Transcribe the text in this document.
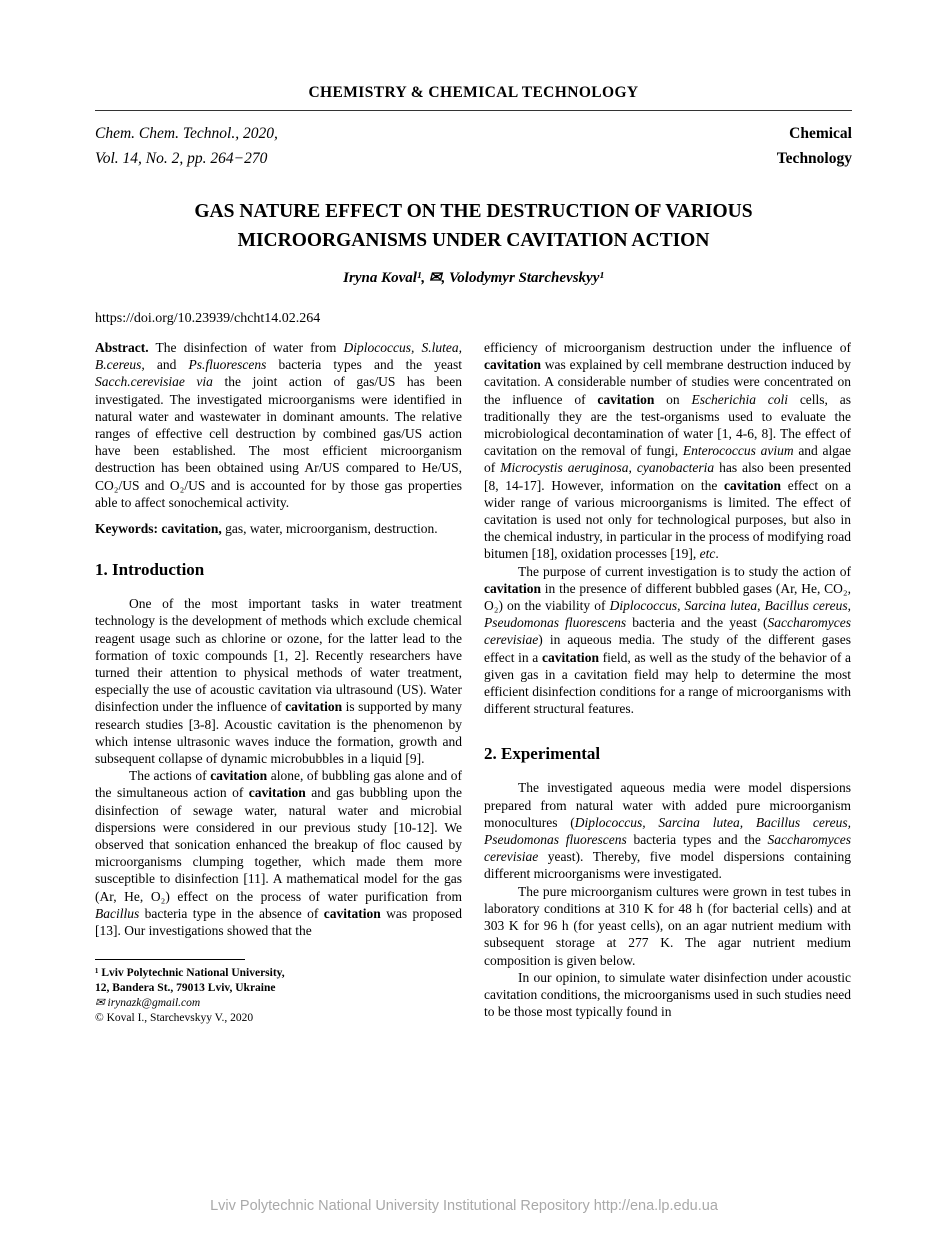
CHEMISTRY & CHEMICAL TECHNOLOGY
Chem. Chem. Technol., 2020,
Vol. 14, No. 2, pp. 264−270
Chemical
Technology
GAS NATURE EFFECT ON THE DESTRUCTION OF VARIOUS
MICROORGANISMS UNDER CAVITATION ACTION
Iryna Koval¹, ✉, Volodymyr Starchevskyy¹
https://doi.org/10.23939/chcht14.02.264

Abstract. The disinfection of water from Diplococcus, S.lutea, B.cereus, and Ps.fluorescens bacteria types and the yeast Sacch.cerevisiae via the joint action of gas/US has been investigated. The investigated microorganisms were identified in natural water and wastewater in dominant amounts. The relative ranges of effective cell destruction by combined gas/US action have been established. The most efficient microorganism destruction has been obtained using Ar/US compared to He/US, CO₂/US and O₂/US and is accounted for by those gas properties able to affect sonochemical activity.

Keywords: cavitation, gas, water, microorganism, destruction.

1. Introduction

One of the most important tasks in water treatment technology is the development of methods which exclude chemical reagent usage such as chlorine or ozone, for the latter lead to the formation of toxic compounds [1, 2]. Recently researchers have turned their attention to physical methods of water treatment, especially the use of acoustic cavitation via ultrasound (US). Water disinfection under the influence of cavitation is supported by many research studies [3-8]. Acoustic cavitation is the phenomenon by which intense ultrasonic waves induce the formation, growth and subsequent collapse of dynamic microbubbles in a liquid [9].

The actions of cavitation alone, of bubbling gas alone and of the simultaneous action of cavitation and gas bubbling upon the disinfection of sewage water, natural water and microbial dispersions were considered in our previous study [10-12]. We observed that sonication enhanced the breakup of floc caused by microorganisms clumping together, which made them more susceptible to disinfection [11]. A mathematical model for the gas (Ar, He, O₂) effect on the process of water purification from Bacillus bacteria type in the absence of cavitation was proposed [13]. Our investigations showed that the

¹ Lviv Polytechnic National University,
12, Bandera St., 79013 Lviv, Ukraine
✉ irynazk@gmail.com
© Koval I., Starchevskyy V., 2020

efficiency of microorganism destruction under the influence of cavitation was explained by cell membrane destruction induced by cavitation. A considerable number of studies were concentrated on the influence of cavitation on Escherichia coli cells, as traditionally they are the test-organisms used to evaluate the microbiological decontamination of water [1, 4-6, 8]. The effect of cavitation on the removal of fungi, Enterococcus avium and algae of Microcystis aeruginosa, cyanobacteria has also been presented [8, 14-17]. However, information on the cavitation effect on a wider range of various microorganisms is limited. The effect of cavitation is used not only for technological purposes, but also in the chemical industry, in particular in the process of modifying road bitumen [18], oxidation processes [19], etc.

The purpose of current investigation is to study the action of cavitation in the presence of different bubbled gases (Ar, He, CO₂, O₂) on the viability of Diplococcus, Sarcina lutea, Bacillus cereus, Pseudomonas fluorescens bacteria and the yeast (Saccharomyces cerevisiae) in aqueous media. The study of the different gases effect in a cavitation field, as well as the study of the behavior of a given gas in a cavitation field may help to determine the most efficient disinfection conditions for a range of microorganisms with different structural features.

2. Experimental

The investigated aqueous media were model dispersions prepared from natural water with added pure microorganism monocultures (Diplococcus, Sarcina lutea, Bacillus cereus, Pseudomonas fluorescens bacteria types and the Saccharomyces cerevisiae yeast). Thereby, five model dispersions containing different microorganisms were investigated.

The pure microorganism cultures were grown in test tubes in laboratory conditions at 310 K for 48 h (for bacterial cells) and at 303 K for 96 h (for yeast cells), on an agar nutrient medium with subsequent storage at 277 K. The agar nutrient medium composition is given below.

In our opinion, to simulate water disinfection under acoustic cavitation conditions, the microorganisms used in such studies need to be those most typically found in

Lviv Polytechnic National University Institutional Repository http://ena.lp.edu.ua
